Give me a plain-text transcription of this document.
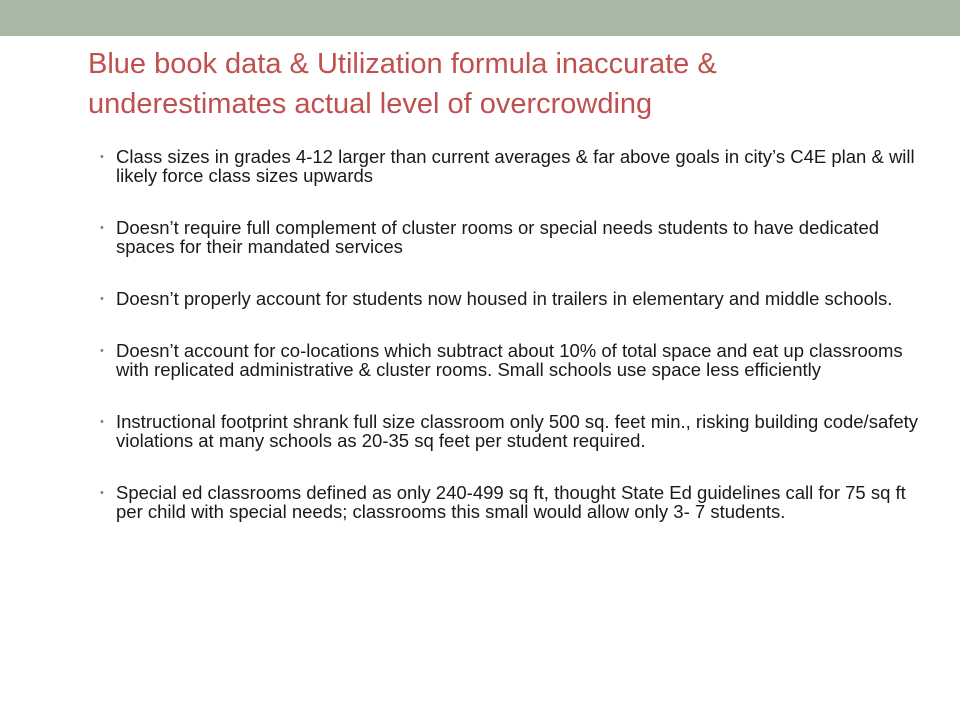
Blue book data & Utilization formula inaccurate & underestimates actual level of overcrowding
• Class sizes in grades 4-12 larger than current averages & far above goals in city’s C4E plan & will likely force class sizes upwards
• Doesn’t require full complement of cluster rooms or special needs students to have dedicated spaces for their mandated services
• Doesn’t properly account for students now housed in trailers in elementary and middle schools.
• Doesn’t account for co-locations which subtract about 10% of total space and eat up classrooms with replicated administrative & cluster rooms. Small schools use space less efficiently
• Instructional footprint shrank full size classroom only 500 sq. feet min., risking building code/safety violations at many schools as 20-35 sq feet per student required.
• Special ed classrooms defined as only 240-499 sq ft, thought State Ed guidelines call for 75 sq ft per child with special needs; classrooms this small would allow only 3- 7 students.
